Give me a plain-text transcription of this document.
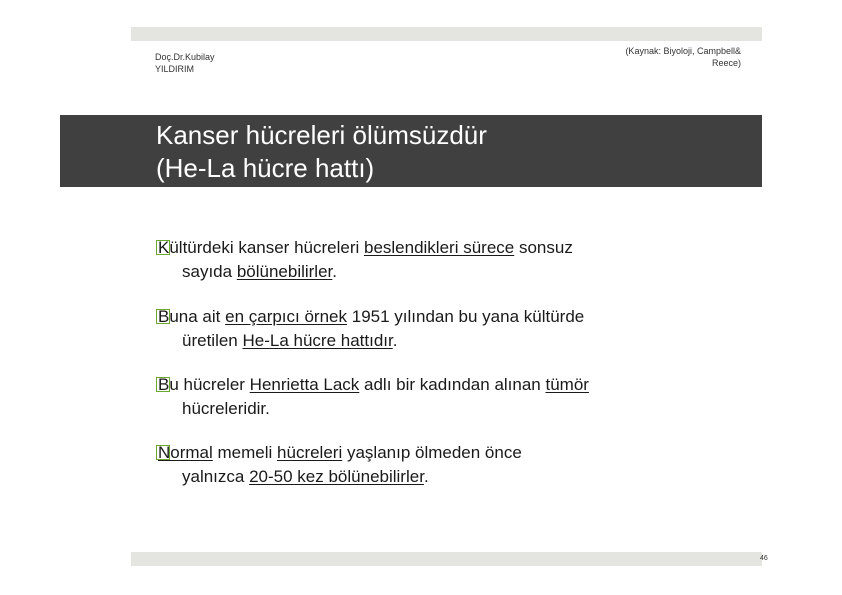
Doç.Dr.Kubilay
YILDIRIM
(Kaynak: Biyoloji, Campbell&
Reece)
Kanser hücreleri ölümsüzdür
(He-La hücre hattı)
Kültürdeki kanser hücreleri beslendikleri sürece sonsuz
sayıda bölünebilirler.
Buna ait en çarpıcı örnek 1951 yılından bu yana kültürde
üretilen He-La hücre hattıdır.
Bu hücreler Henrietta Lack adlı bir kadından alınan tümör
hücreleridir.
Normal memeli hücreleri yaşlanıp ölmeden önce
yalnızca 20-50 kez bölünebilirler.
46
